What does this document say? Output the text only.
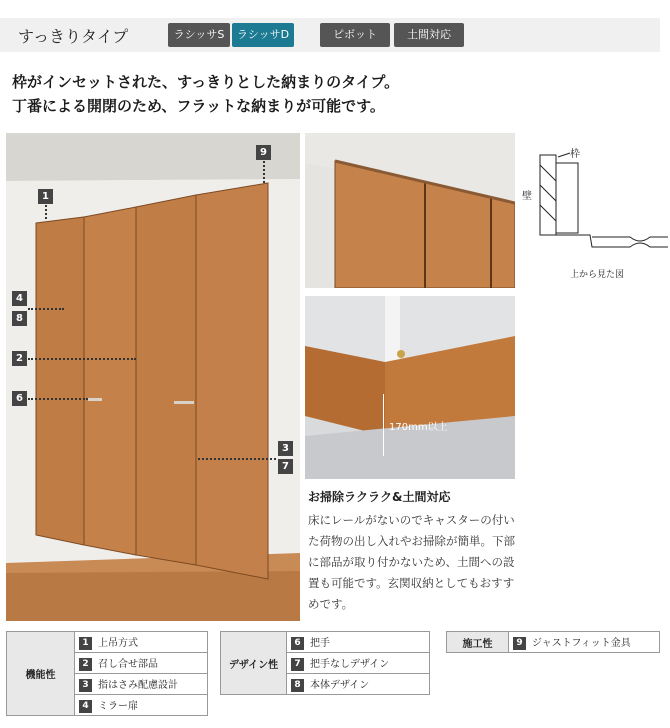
すっきりタイプ	ラシッサS	ラシッサD	ピボット	土間対応
枠がインセットされた、すっきりとした納まりのタイプ。
丁番による開閉のため、フラットな納まりが可能です。
1
4
8
2
6
9
3
7
170mm以上
枠
壁
上から見た図
お掃除ラクラク&土間対応
床にレールがないのでキャスターの付いた荷物の出し入れやお掃除が簡単。下部に部品が取り付かないため、土間への設置も可能です。玄関収納としてもおすすめです。
機能性	1 上吊方式
2 召し合せ部品
3 指はさみ配慮設計
4 ミラー扉
デザイン性	6 把手
7 把手なしデザイン
8 本体デザイン
施工性	9 ジャストフィット金具
